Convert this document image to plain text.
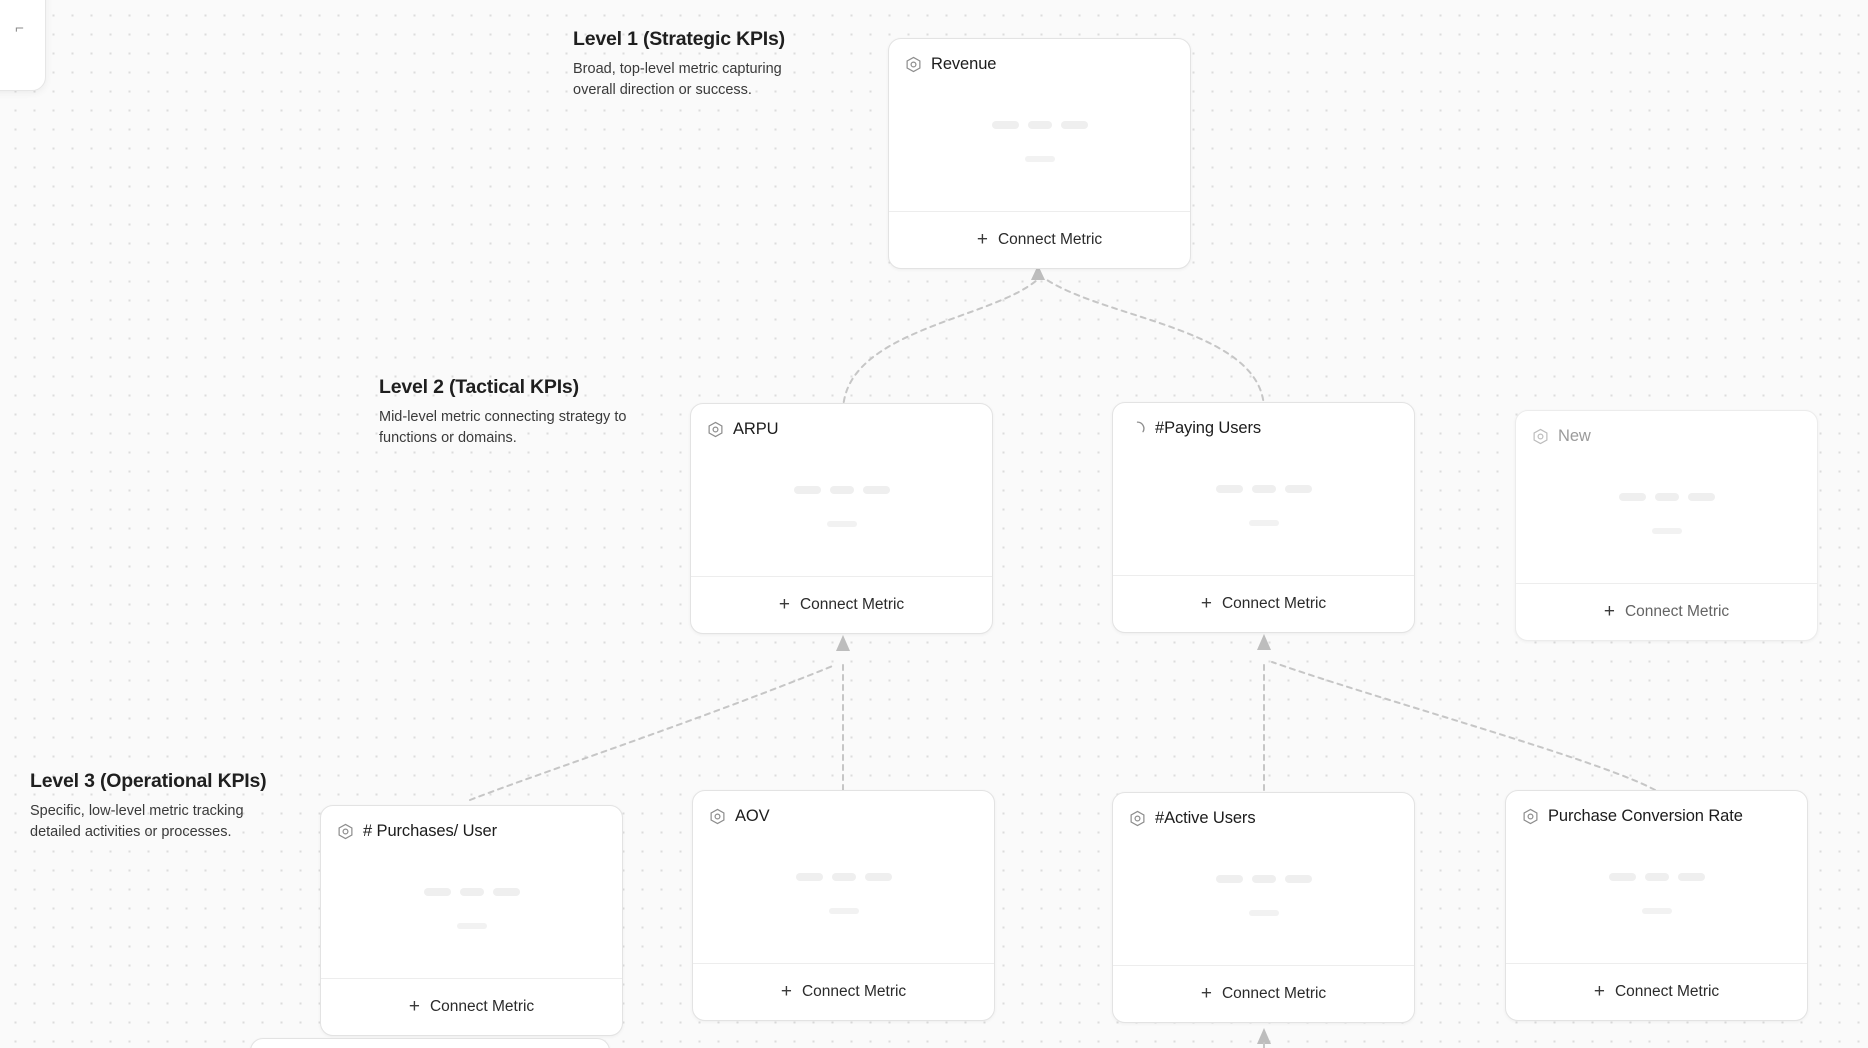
⌐	Level 1 (Strategic KPIs)
Broad, top-level metric capturing overall direction or success.
Level 2 (Tactical KPIs)
Mid-level metric connecting strategy to functions or domains.
Level 3 (Operational KPIs)
Specific, low-level metric tracking detailed activities or processes.
Revenue
+ Connect Metric
ARPU
+ Connect Metric
#Paying Users
+ Connect Metric
New
+ Connect Metric
# Purchases/ User
+ Connect Metric
AOV
+ Connect Metric
#Active Users
+ Connect Metric
Purchase Conversion Rate
+ Connect Metric
